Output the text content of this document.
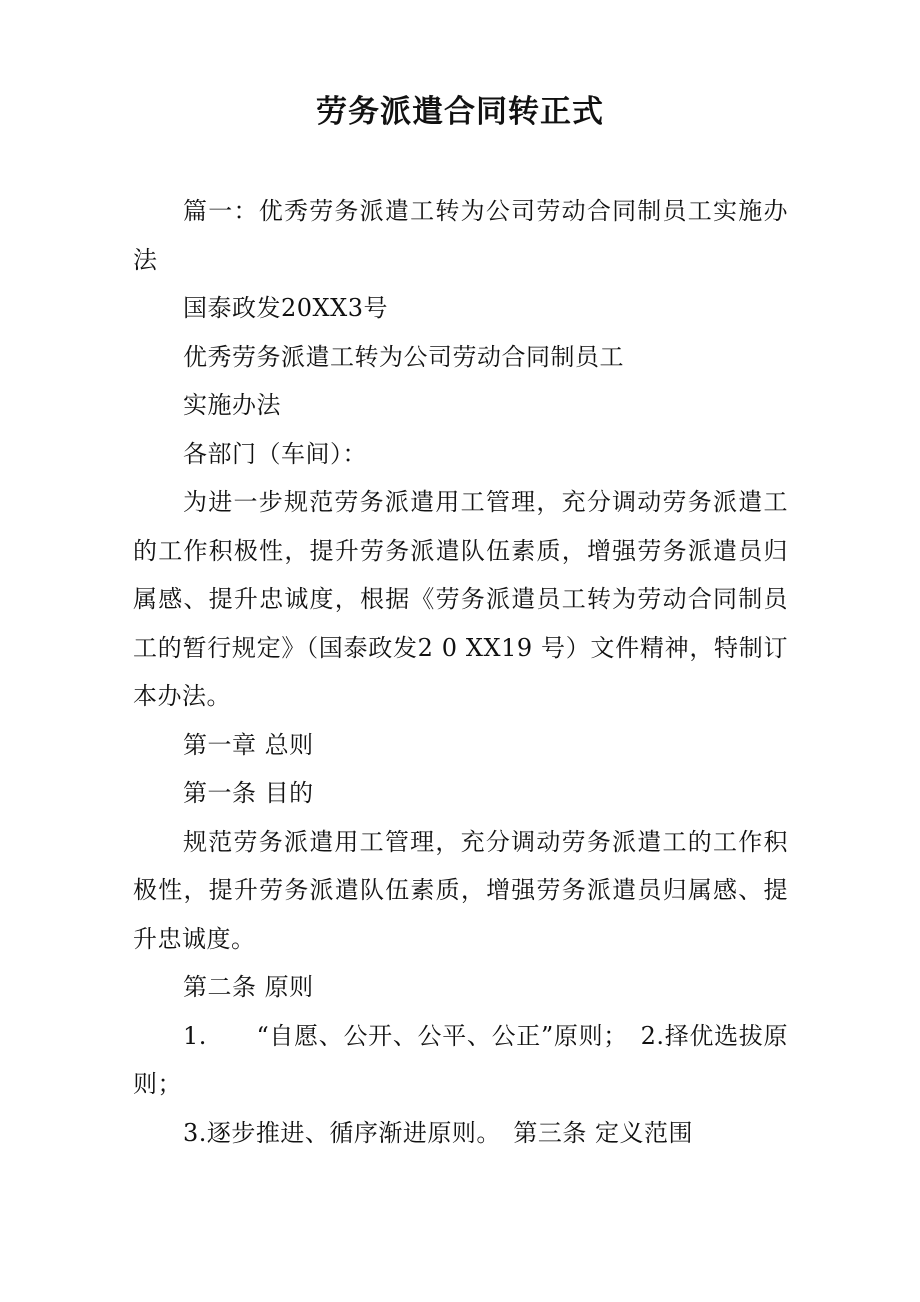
劳务派遣合同转正式

篇一：优秀劳务派遣工转为公司劳动合同制员工实施办法

国泰政发20XX3号

优秀劳务派遣工转为公司劳动合同制员工

实施办法

各部门（车间）：

为进一步规范劳务派遣用工管理，充分调动劳务派遣工的工作积极性，提升劳务派遣队伍素质，增强劳务派遣员归属感、提升忠诚度，根据《劳务派遣员工转为劳动合同制员工的暂行规定》（国泰政发2 0 XX19 号）文件精神，特制订本办法。

第一章 总则

第一条 目的

规范劳务派遣用工管理，充分调动劳务派遣工的工作积极性，提升劳务派遣队伍素质，增强劳务派遣员归属感、提升忠诚度。

第二条 原则

1.　　“自愿、公开、公平、公正”原则；　2.择优选拔原 则；

3.逐步推进、循序渐进原则。　第三条 定义范围
